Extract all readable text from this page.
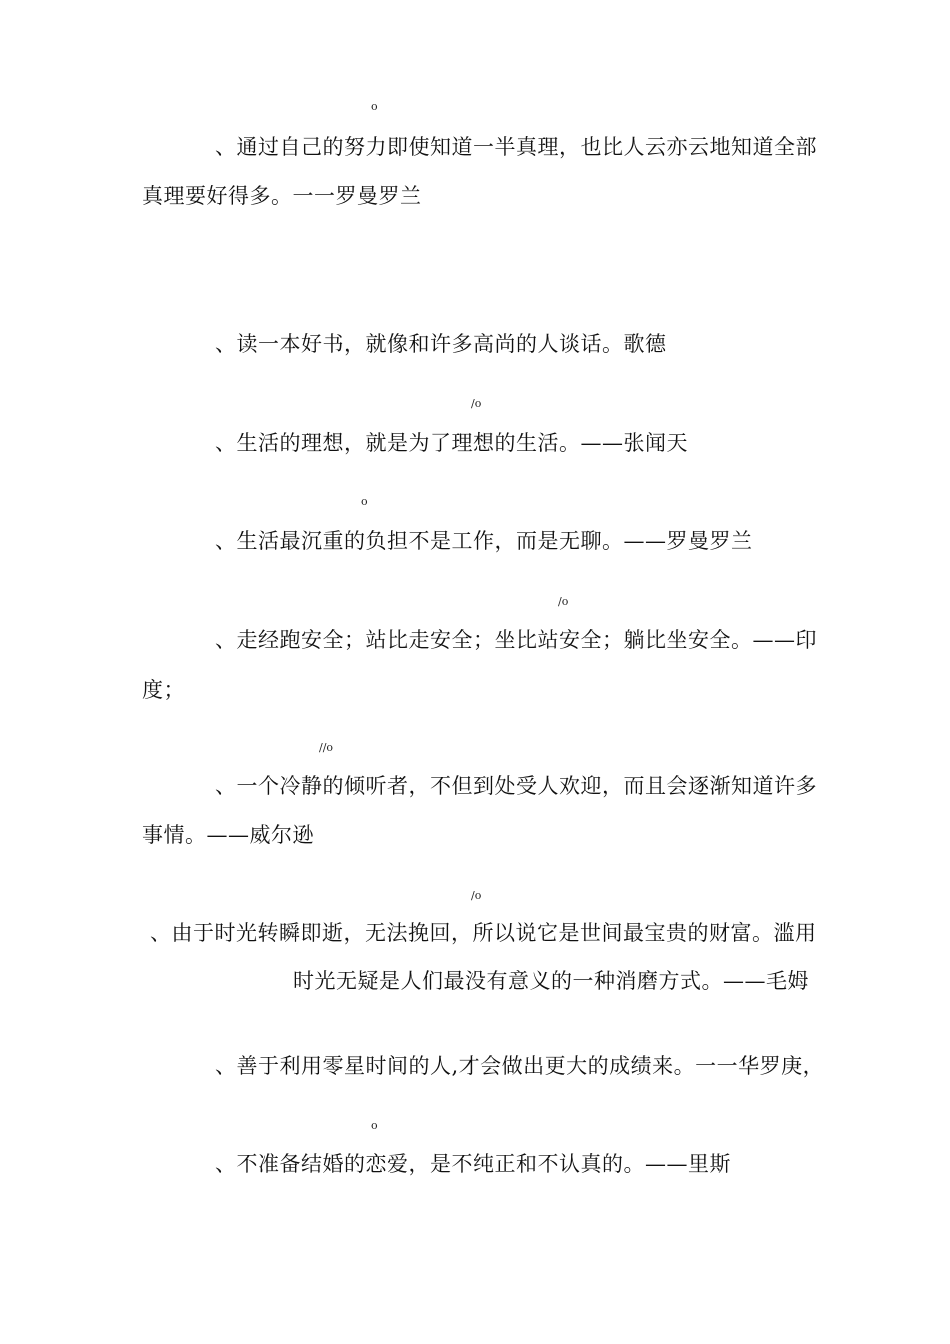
o
、通过自己的努力即使知道一半真理，也比人云亦云地知道全部
真理要好得多。一一罗曼罗兰
、读一本好书，就像和许多高尚的人谈话。歌德
/o
、生活的理想，就是为了理想的生活。——张闻天
o
、生活最沉重的负担不是工作，而是无聊。——罗曼罗兰
/o
、走经跑安全；站比走安全；坐比站安全；躺比坐安全。——印
度；
//o
、一个冷静的倾听者，不但到处受人欢迎，而且会逐渐知道许多
事情。——威尔逊
/o
、由于时光转瞬即逝，无法挽回，所以说它是世间最宝贵的财富。滥用
时光无疑是人们最没有意义的一种消磨方式。——毛姆
、善于利用零星时间的人,才会做出更大的成绩来。一一华罗庚，
o
、不准备结婚的恋爱，是不纯正和不认真的。——里斯
